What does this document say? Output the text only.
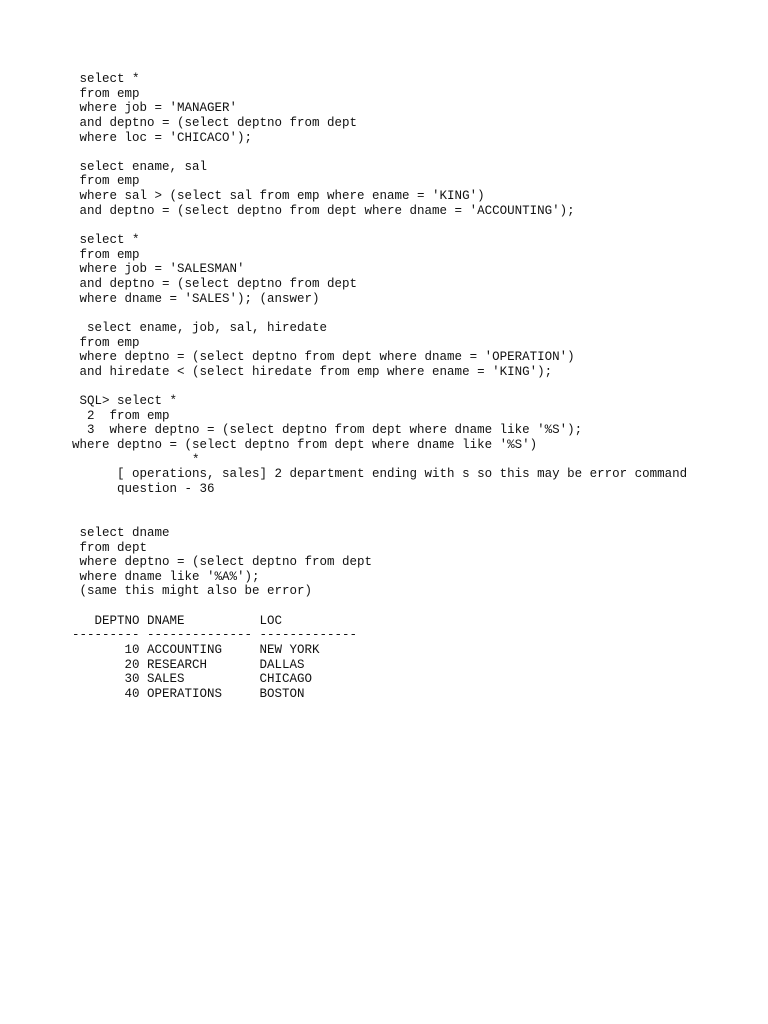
select *
from emp
where job = 'MANAGER'
and deptno = (select deptno from dept
where loc = 'CHICACO');
select ename, sal
from emp
where sal > (select sal from emp where ename = 'KING')
and deptno = (select deptno from dept where dname = 'ACCOUNTING');
select *
from emp
where job = 'SALESMAN'
and deptno = (select deptno from dept
where dname = 'SALES'); (answer)
select ename, job, sal, hiredate
from emp
where deptno = (select deptno from dept where dname = 'OPERATION')
and hiredate < (select hiredate from emp where ename = 'KING');
SQL> select *
2  from emp
3  where deptno = (select deptno from dept where dname like '%S');
where deptno = (select deptno from dept where dname like '%S')
*
[ operations, sales] 2 department ending with s so this may be error command
question - 36
select dname
from dept
where deptno = (select deptno from dept
where dname like '%A%');
(same this might also be error)
DEPTNO DNAME          LOC
--------- -------------- -------------
10 ACCOUNTING     NEW YORK
20 RESEARCH       DALLAS
30 SALES          CHICAGO
40 OPERATIONS     BOSTON
